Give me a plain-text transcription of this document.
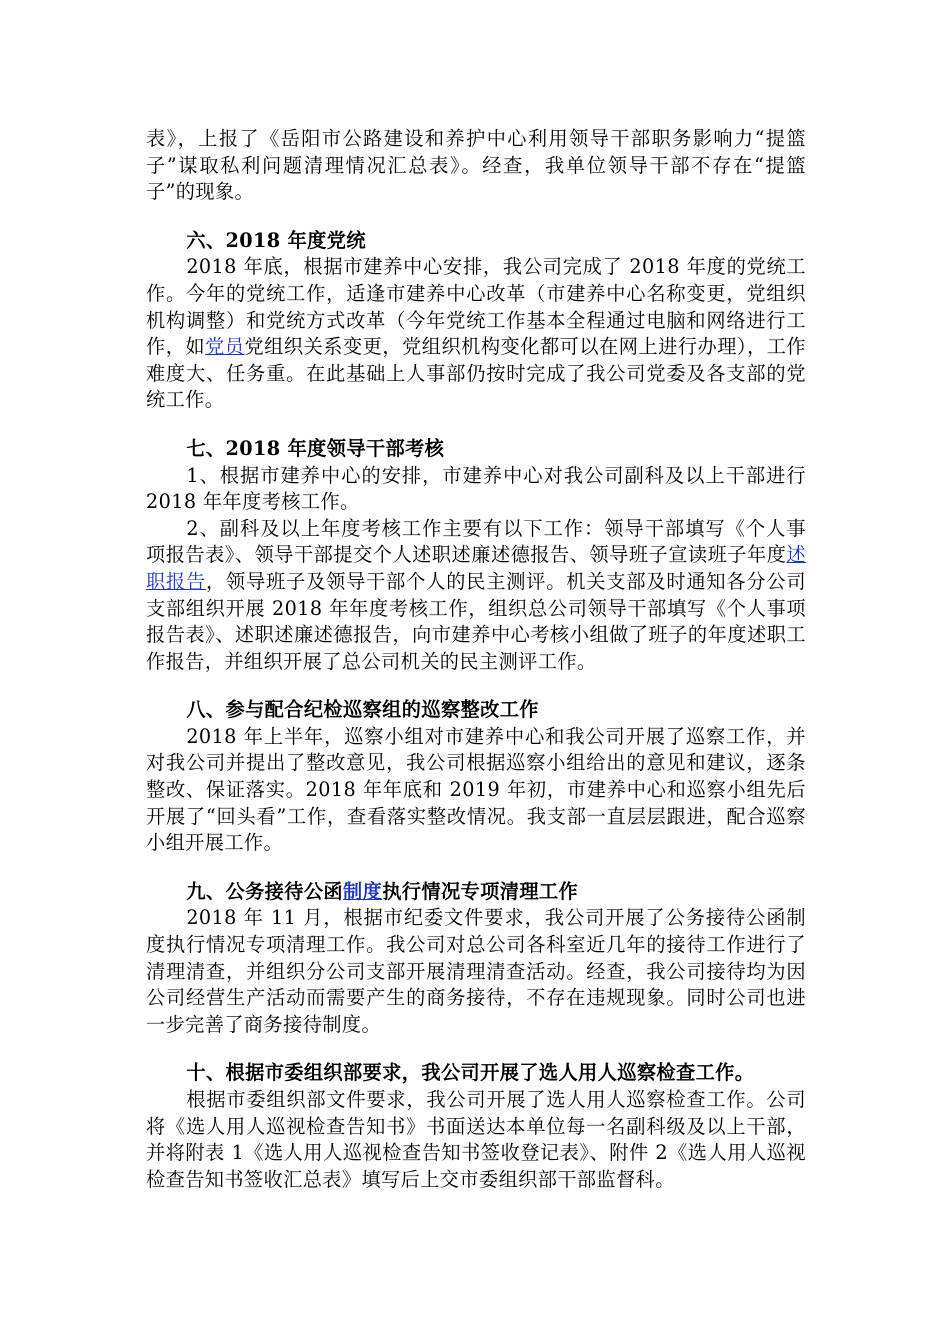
表》，上报了《岳阳市公路建设和养护中心利用领导干部职务影响力“提篮子”谋取私利问题清理情况汇总表》。经查，我单位领导干部不存在“提篮子”的现象。

六、2018 年度党统

2018 年底，根据市建养中心安排，我公司完成了 2018 年度的党统工作。今年的党统工作，适逢市建养中心改革（市建养中心名称变更，党组织机构调整）和党统方式改革（今年党统工作基本全程通过电脑和网络进行工作，如党员党组织关系变更，党组织机构变化都可以在网上进行办理），工作难度大、任务重。在此基础上人事部仍按时完成了我公司党委及各支部的党统工作。

七、2018 年度领导干部考核

1、根据市建养中心的安排，市建养中心对我公司副科及以上干部进行 2018 年年度考核工作。

2、副科及以上年度考核工作主要有以下工作：领导干部填写《个人事项报告表》、领导干部提交个人述职述廉述德报告、领导班子宣读班子年度述职报告，领导班子及领导干部个人的民主测评。机关支部及时通知各分公司支部组织开展 2018 年年度考核工作，组织总公司领导干部填写《个人事项报告表》、述职述廉述德报告，向市建养中心考核小组做了班子的年度述职工作报告，并组织开展了总公司机关的民主测评工作。

八、参与配合纪检巡察组的巡察整改工作

2018 年上半年，巡察小组对市建养中心和我公司开展了巡察工作，并对我公司并提出了整改意见，我公司根据巡察小组给出的意见和建议，逐条整改、保证落实。2018 年年底和 2019 年初，市建养中心和巡察小组先后开展了“回头看”工作，查看落实整改情况。我支部一直层层跟进，配合巡察小组开展工作。

九、公务接待公函制度执行情况专项清理工作

2018 年 11 月，根据市纪委文件要求，我公司开展了公务接待公函制度执行情况专项清理工作。我公司对总公司各科室近几年的接待工作进行了清理清查，并组织分公司支部开展清理清查活动。经查，我公司接待均为因公司经营生产活动而需要产生的商务接待，不存在违规现象。同时公司也进一步完善了商务接待制度。

十、根据市委组织部要求，我公司开展了选人用人巡察检查工作。

根据市委组织部文件要求，我公司开展了选人用人巡察检查工作。公司将《选人用人巡视检查告知书》书面送达本单位每一名副科级及以上干部，并将附表 1《选人用人巡视检查告知书签收登记表》、附件 2《选人用人巡视检查告知书签收汇总表》填写后上交市委组织部干部监督科。
